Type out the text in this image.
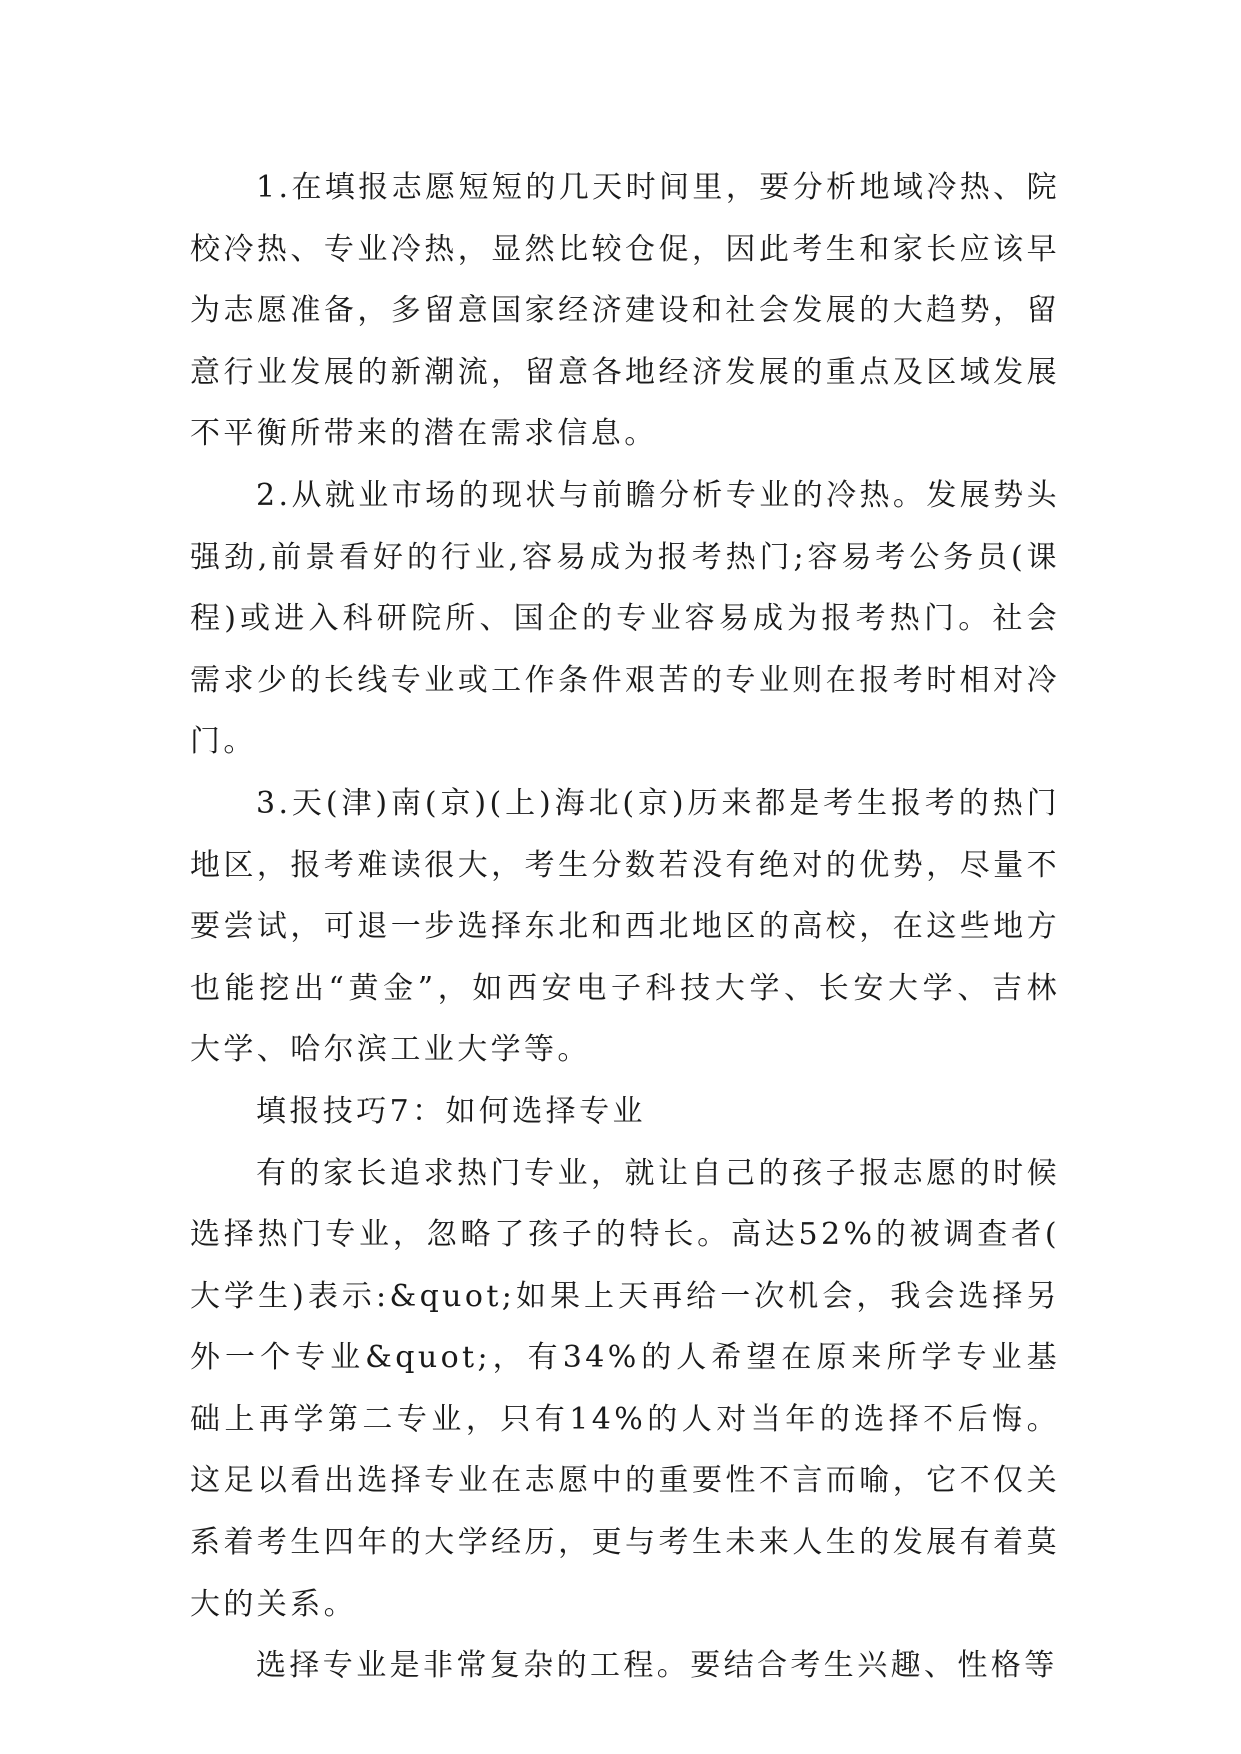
1.在填报志愿短短的几天时间里，要分析地域冷热、院校冷热、专业冷热，显然比较仓促，因此考生和家长应该早为志愿准备，多留意国家经济建设和社会发展的大趋势，留意行业发展的新潮流，留意各地经济发展的重点及区域发展不平衡所带来的潜在需求信息。

2.从就业市场的现状与前瞻分析专业的冷热。发展势头强劲,前景看好的行业,容易成为报考热门;容易考公务员(课程)或进入科研院所、国企的专业容易成为报考热门。社会需求少的长线专业或工作条件艰苦的专业则在报考时相对冷门。

3.天(津)南(京)(上)海北(京)历来都是考生报考的热门地区，报考难读很大，考生分数若没有绝对的优势，尽量不要尝试，可退一步选择东北和西北地区的高校，在这些地方也能挖出“黄金”，如西安电子科技大学、长安大学、吉林大学、哈尔滨工业大学等。

填报技巧7：如何选择专业

有的家长追求热门专业，就让自己的孩子报志愿的时候选择热门专业，忽略了孩子的特长。高达52%的被调查者(大学生)表示:&quot;如果上天再给一次机会，我会选择另外一个专业&quot;，有34%的人希望在原来所学专业基础上再学第二专业，只有14%的人对当年的选择不后悔。这足以看出选择专业在志愿中的重要性不言而喻，它不仅关系着考生四年的大学经历，更与考生未来人生的发展有着莫大的关系。

选择专业是非常复杂的工程。要结合考生兴趣、性格等
